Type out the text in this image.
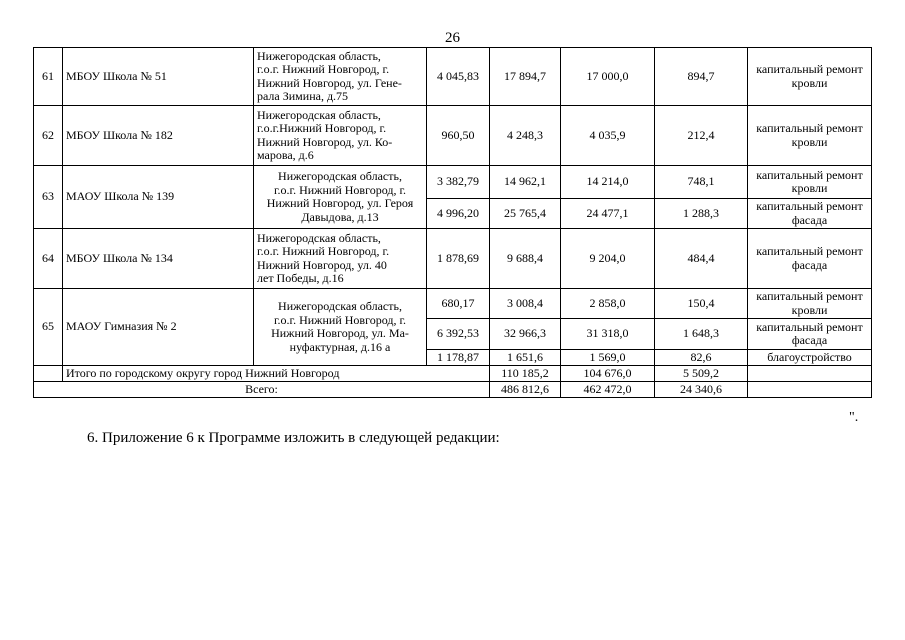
26
61	МБОУ Школа № 51	Нижегородская область,
г.о.г. Нижний Новгород, г.
Нижний Новгород, ул. Гене-
рала Зимина, д.75	4 045,83	17 894,7	17 000,0	894,7	капитальный ремонт кровли
62	МБОУ Школа № 182	Нижегородская область,
г.о.г.Нижний Новгород, г.
Нижний Новгород, ул. Ко-
марова, д.6	960,50	4 248,3	4 035,9	212,4	капитальный ремонт кровли
63	МАОУ Школа № 139	Нижегородская область,
г.о.г. Нижний Новгород, г.
Нижний Новгород, ул. Героя
Давыдова, д.13	3 382,79	14 962,1	14 214,0	748,1	капитальный ремонт кровли
			4 996,20	25 765,4	24 477,1	1 288,3	капитальный ремонт фасада
64	МБОУ Школа № 134	Нижегородская область,
г.о.г. Нижний Новгород, г.
Нижний Новгород, ул. 40
лет Победы, д.16	1 878,69	9 688,4	9 204,0	484,4	капитальный ремонт фасада
65	МАОУ Гимназия № 2	Нижегородская область,
г.о.г. Нижний Новгород, г.
Нижний Новгород, ул. Ма-
нуфактурная, д.16 а	680,17	3 008,4	2 858,0	150,4	капитальный ремонт кровли
			6 392,53	32 966,3	31 318,0	1 648,3	капитальный ремонт фасада
			1 178,87	1 651,6	1 569,0	82,6	благоустройство
	Итого по городскому округу город Нижний Новгород			110 185,2	104 676,0	5 509,2	
Всего:				486 812,6	462 472,0	24 340,6	
".
6. Приложение 6 к Программе изложить в следующей редакции:
